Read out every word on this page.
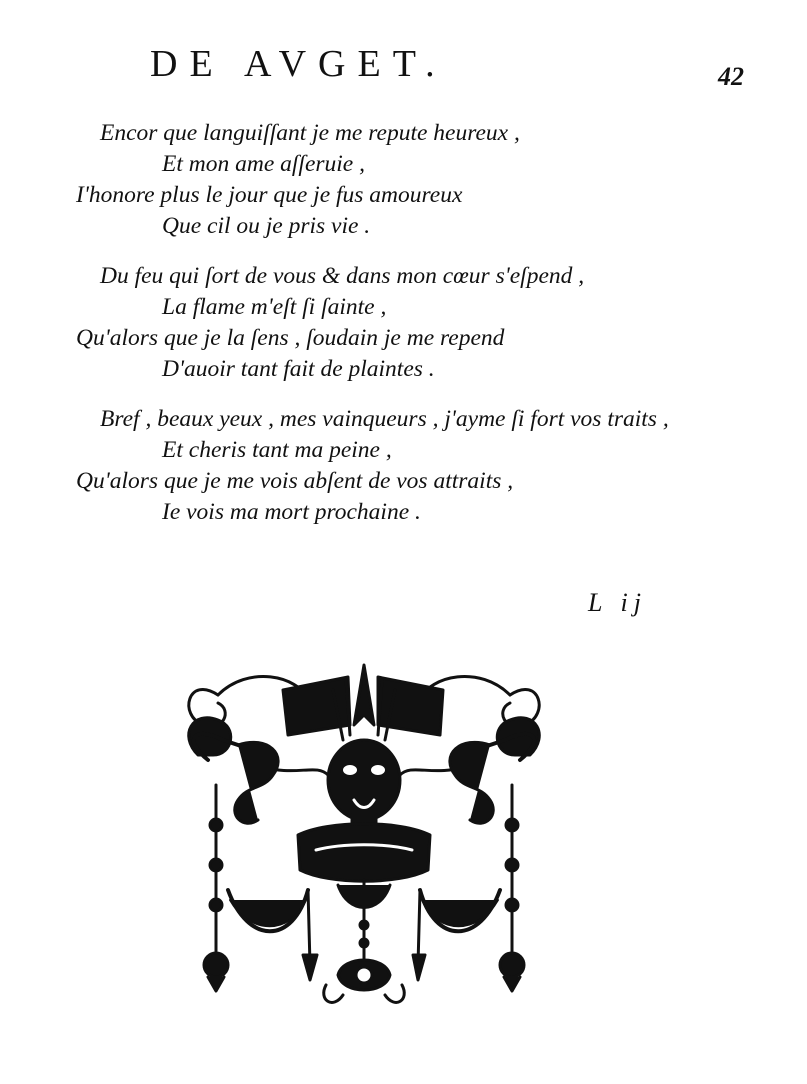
DE AVGET.	42
Encor que languiſſant je me repute heureux ,
Et mon ame aſſeruie ,
I'honore plus le jour que je fus amoureux
Que cil ou je pris vie .
Du feu qui ſort de vous & dans mon cœur s'eſpend ,
La flame m'eſt ſi ſainte ,
Qu'alors que je la ſens , ſoudain je me repend
D'auoir tant fait de plaintes .
Bref , beaux yeux , mes vainqueurs , j'ayme ſi fort vos traits ,
Et cheris tant ma peine ,
Qu'alors que je me vois abſent de vos attraits ,
Ie vois ma mort prochaine .
L ij
